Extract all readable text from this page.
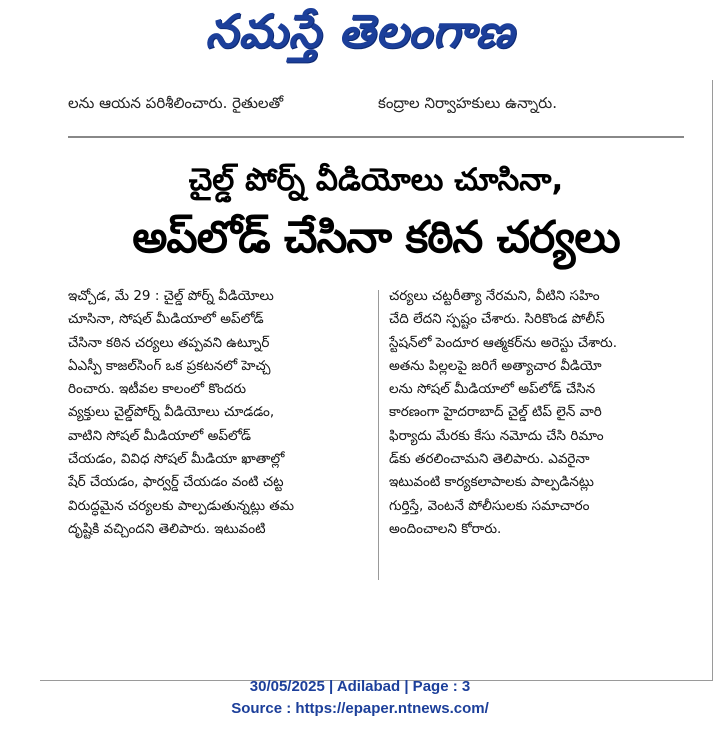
నమస్తే తెలంగాణ
లను ఆయన పరిశీలించారు. రైతులతో	కంద్రాల నిర్వాహకులు ఉన్నారు.
చైల్డ్ పోర్న్ వీడియోలు చూసినా,
అప్‌లోడ్ చేసినా కఠిన చర్యలు
ఇచ్చోడ, మే 29 : చైల్డ్ పోర్న్ వీడియోలు
చూసినా, సోషల్ మీడియాలో అప్‌లోడ్
చేసినా కఠిన చర్యలు తప్పవని ఉట్నూర్
ఏఎస్పీ కాజల్‌సింగ్ ఒక ప్రకటనలో హెచ్చ
రించారు. ఇటీవల కాలంలో కొందరు
వ్యక్తులు చైల్డ్‌పోర్న్ వీడియోలు చూడడం,
వాటిని సోషల్ మీడియాలో అప్‌లోడ్
చేయడం, వివిధ సోషల్ మీడియా ఖాతాల్లో
షేర్ చేయడం, ఫార్వర్డ్ చేయడం వంటి చట్ట
విరుద్ధమైన చర్యలకు పాల్పడుతున్నట్లు తమ
దృష్టికి వచ్చిందని తెలిపారు. ఇటువంటి
చర్యలు చట్టరీత్యా నేరమని, వీటిని సహిం
చేది లేదని స్పష్టం చేశారు. సిరికొండ పోలీస్
స్టేషన్‌లో పెందూర ఆత్మకర్‌ను అరెస్టు చేశారు.
అతను పిల్లలపై జరిగే అత్యాచార వీడియో
లను సోషల్ మీడియాలో అప్‌లోడ్ చేసిన
కారణంగా హైదరాబాద్ చైల్డ్ టిప్ లైన్ వారి
ఫిర్యాదు మేరకు కేసు నమోదు చేసి రిమాం
డ్‌కు తరలించామని తెలిపారు. ఎవరైనా
ఇటువంటి కార్యకలాపాలకు పాల్పడినట్లు
గుర్తిస్తే, వెంటనే పోలీసులకు సమాచారం
అందించాలని కోరారు.
30/05/2025 | Adilabad | Page : 3
Source : https://epaper.ntnews.com/
